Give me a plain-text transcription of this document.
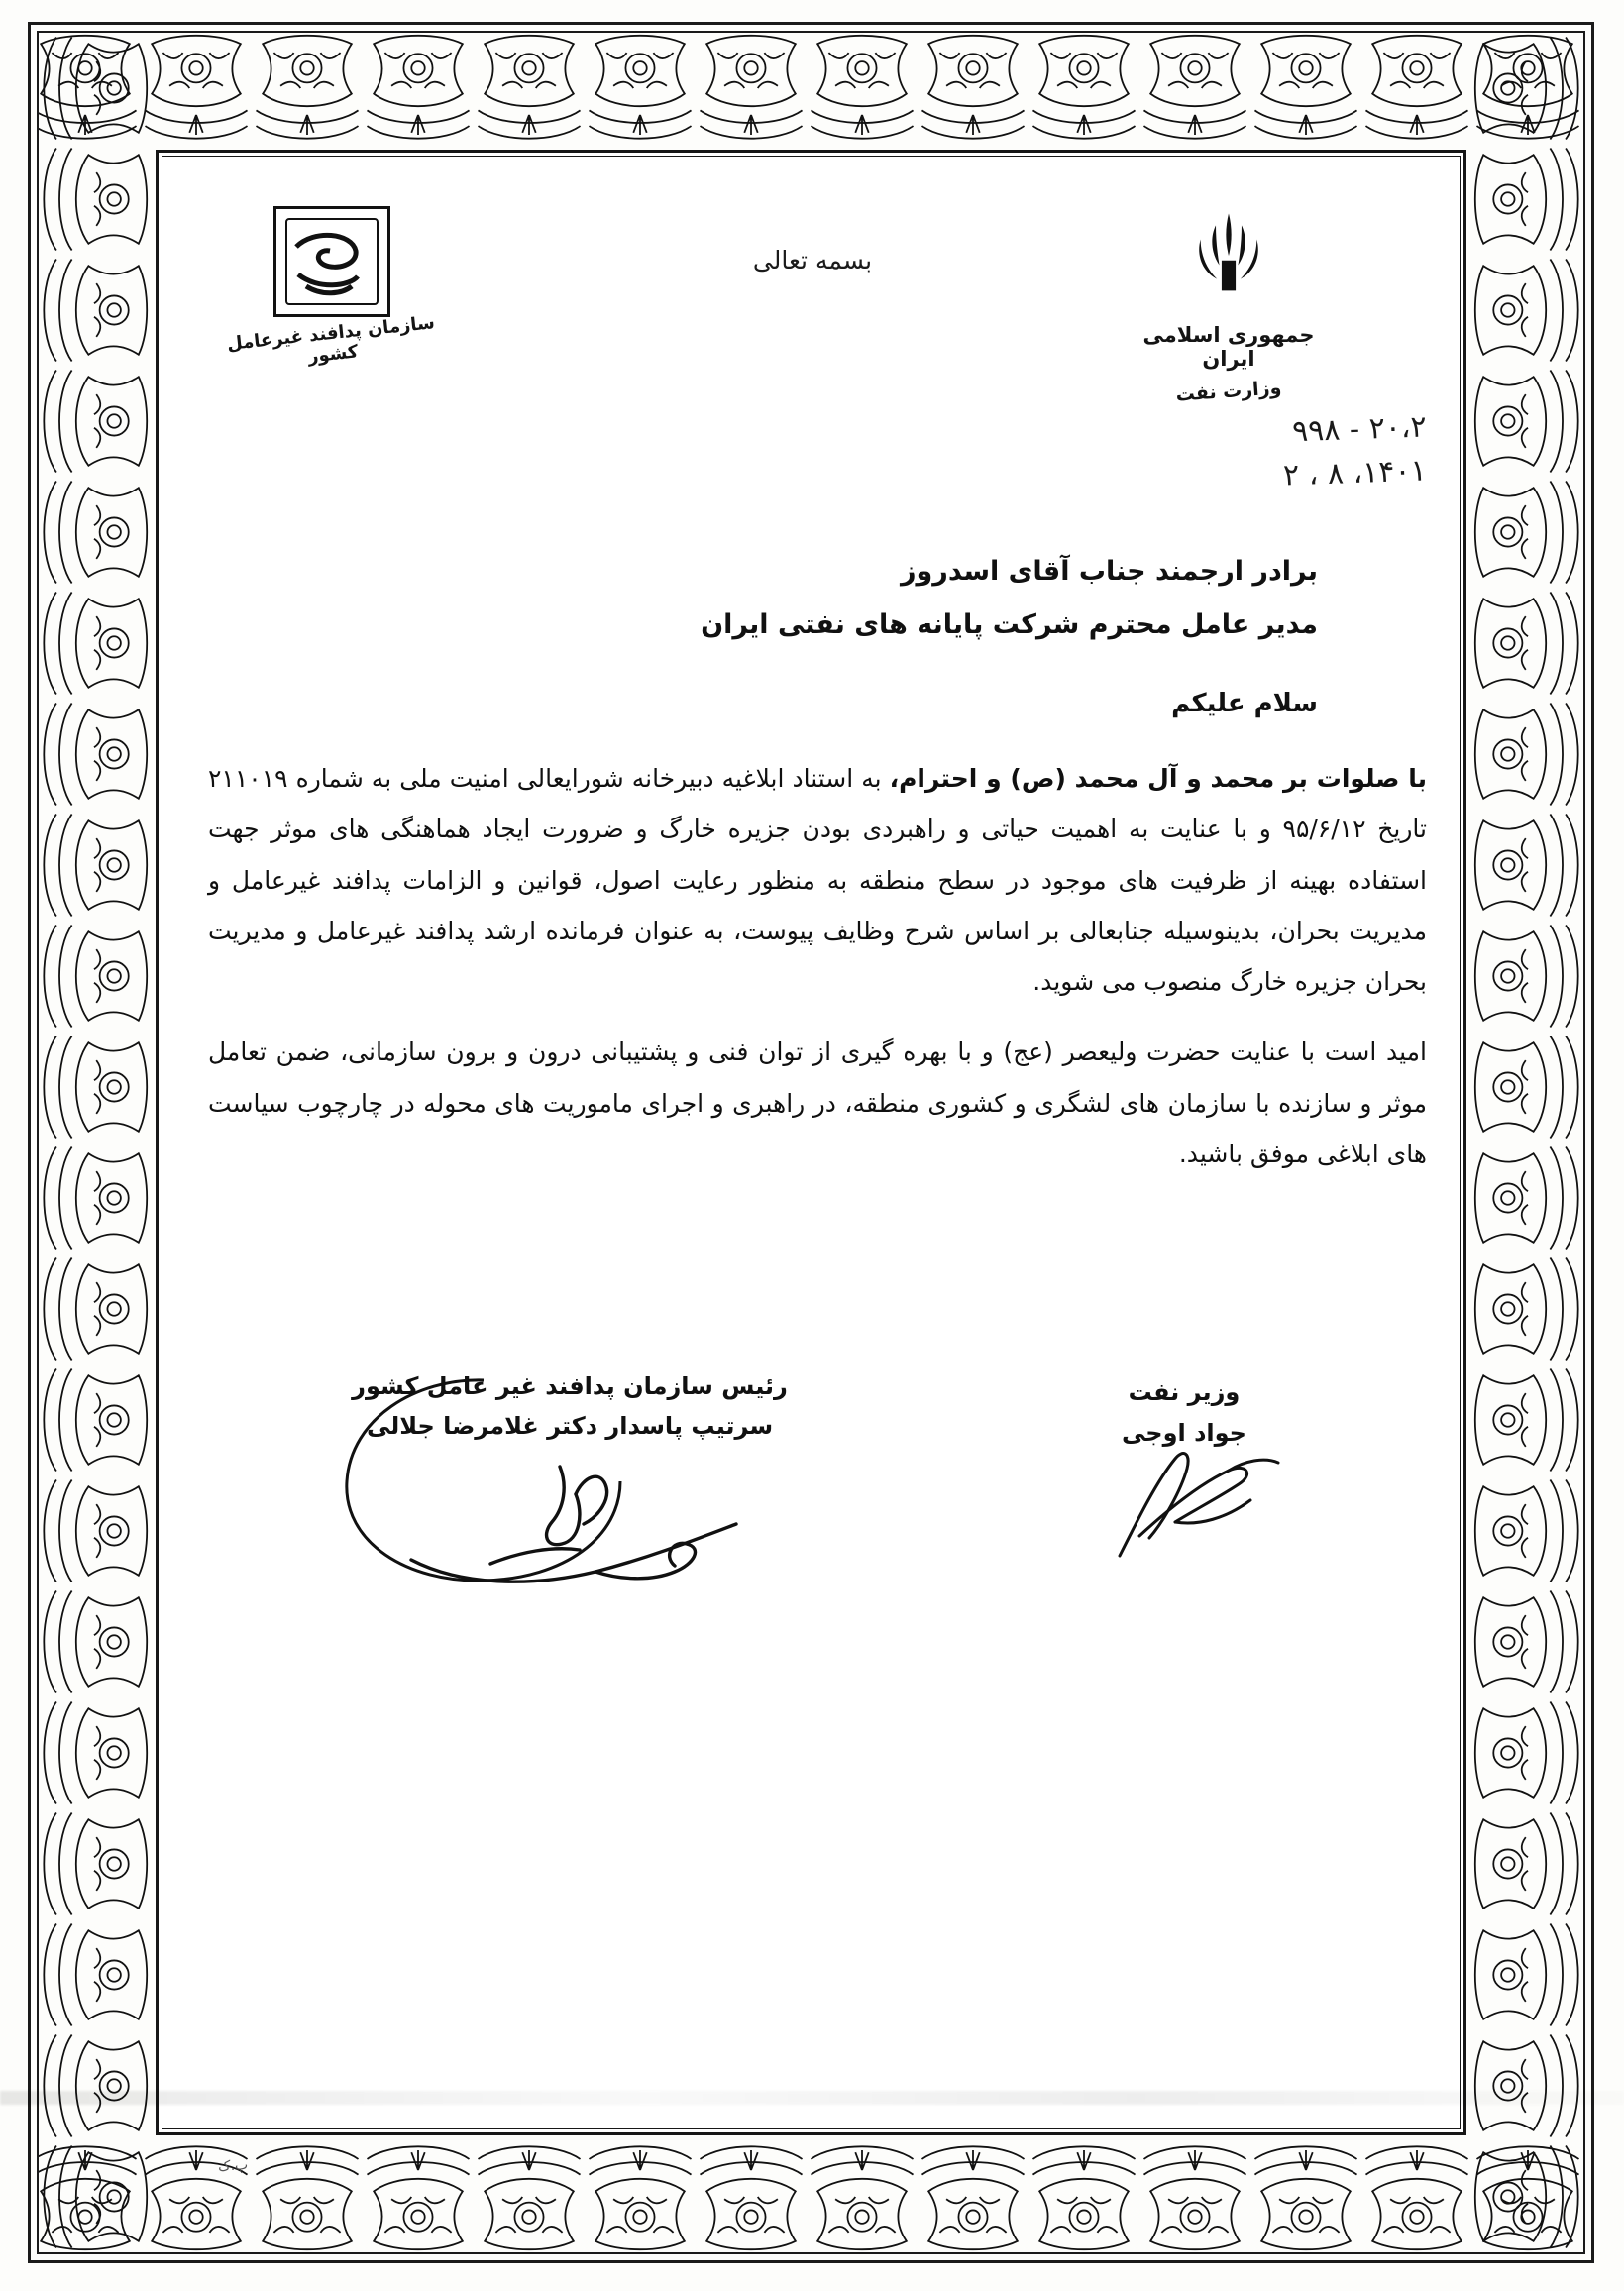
بسمه تعالی
جمهوری اسلامی ایران
وزارت نفت
سازمان پدافند غیرعامل کشور
۲۰،۲ - ۹۹۸
۱۴۰۱، ۸ ، ۲
برادر ارجمند جناب آقای اسدروز
مدیر عامل محترم شرکت پایانه های نفتی ایران
سلام علیکم

با صلوات بر محمد و آل محمد (ص) و احترام، به استناد ابلاغیه دبیرخانه شورایعالی امنیت ملی به شماره ۲۱۱۰۱۹ تاریخ ۹۵/۶/۱۲ و با عنایت به اهمیت حیاتی و راهبردی بودن جزیره خارگ و ضرورت ایجاد هماهنگی های موثر جهت استفاده بهینه از ظرفیت های موجود در سطح منطقه به منظور رعایت اصول، قوانین و الزامات پدافند غیرعامل و مدیریت بحران، بدینوسیله جنابعالی بر اساس شرح وظایف پیوست، به عنوان فرمانده ارشد پدافند غیرعامل و مدیریت بحران جزیره خارگ منصوب می شوید.

امید است با عنایت حضرت ولیعصر (عج) و با بهره گیری از توان فنی و پشتیبانی درون و برون سازمانی، ضمن تعامل موثر و سازنده با سازمان های لشگری و کشوری منطقه، در راهبری و اجرای ماموریت های محوله در چارچوب سیاست های ابلاغی موفق باشید.

وزیر نفت
جواد اوجی
رئیس سازمان پدافند غیر عامل کشور
سرتیپ پاسدار دکتر غلامرضا جلالی
پ.ک
